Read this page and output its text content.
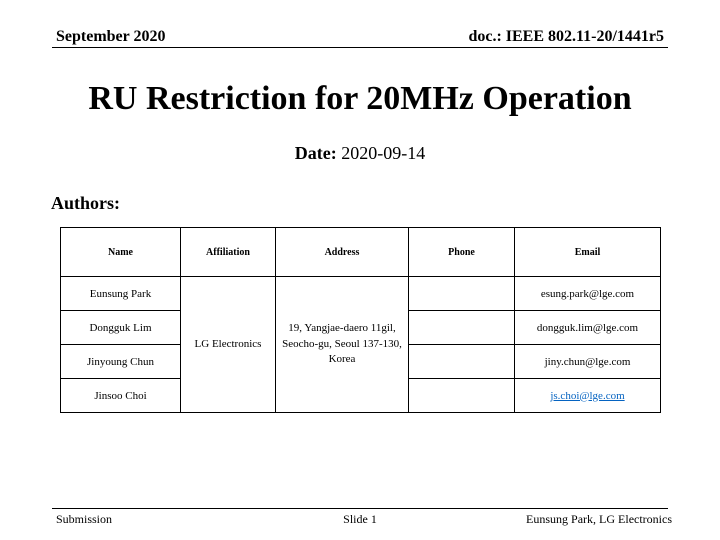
September 2020	doc.: IEEE 802.11-20/1441r5
RU Restriction for 20MHz Operation
Date: 2020-09-14
Authors:
Name	Affiliation	Address	Phone	Email
Eunsung Park	LG Electronics	19, Yangjae-daero 11gil, Seocho-gu, Seoul 137-130, Korea		esung.park@lge.com
Dongguk Lim				dongguk.lim@lge.com
Jinyoung Chun				jiny.chun@lge.com
Jinsoo Choi				js.choi@lge.com
Submission	Slide 1	Eunsung Park, LG Electronics
